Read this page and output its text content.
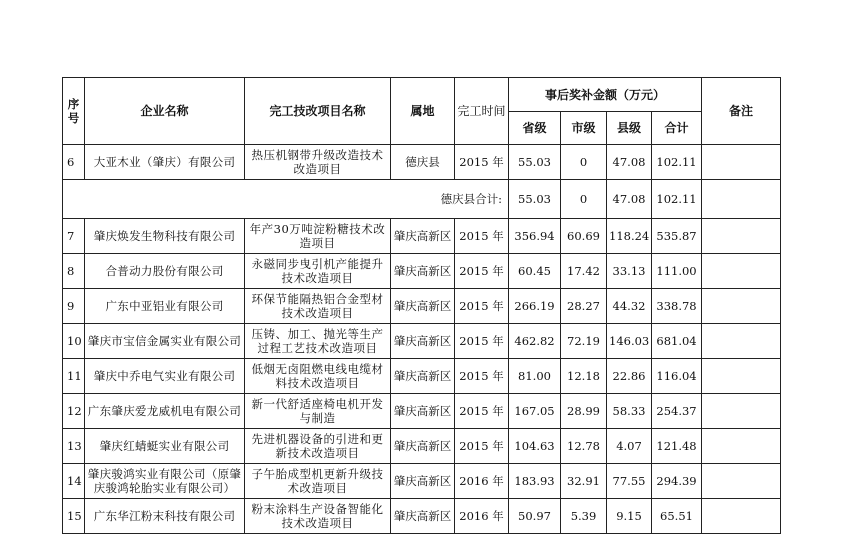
序号	企业名称	完工技改项目名称	属地	完工时间	事后奖补金额（万元）				备注
					省级	市级	县级	合计	
6	大亚木业（肇庆）有限公司	热压机钢带升级改造技术改造项目	德庆县	2015 年	55.03	0	47.08	102.11	
德庆县合计:					55.03	0	47.08	102.11	
7	肇庆焕发生物科技有限公司	年产30万吨淀粉糖技术改造项目	肇庆高新区	2015 年	356.94	60.69	118.24	535.87	
8	合普动力股份有限公司	永磁同步曳引机产能提升技术改造项目	肇庆高新区	2015 年	60.45	17.42	33.13	111.00	
9	广东中亚铝业有限公司	环保节能隔热铝合金型材技术改造项目	肇庆高新区	2015 年	266.19	28.27	44.32	338.78	
10	肇庆市宝信金属实业有限公司	压铸、加工、抛光等生产过程工艺技术改造项目	肇庆高新区	2015 年	462.82	72.19	146.03	681.04	
11	肇庆中乔电气实业有限公司	低烟无卤阻燃电线电缆材料技术改造项目	肇庆高新区	2015 年	81.00	12.18	22.86	116.04	
12	广东肇庆爱龙威机电有限公司	新一代舒适座椅电机开发与制造	肇庆高新区	2015 年	167.05	28.99	58.33	254.37	
13	肇庆红蜻蜓实业有限公司	先进机器设备的引进和更新技术改造项目	肇庆高新区	2015 年	104.63	12.78	4.07	121.48	
14	肇庆骏鸿实业有限公司（原肇庆骏鸿轮胎实业有限公司）	子午胎成型机更新升级技术改造项目	肇庆高新区	2016 年	183.93	32.91	77.55	294.39	
15	广东华江粉末科技有限公司	粉末涂料生产设备智能化技术改造项目	肇庆高新区	2016 年	50.97	5.39	9.15	65.51	
